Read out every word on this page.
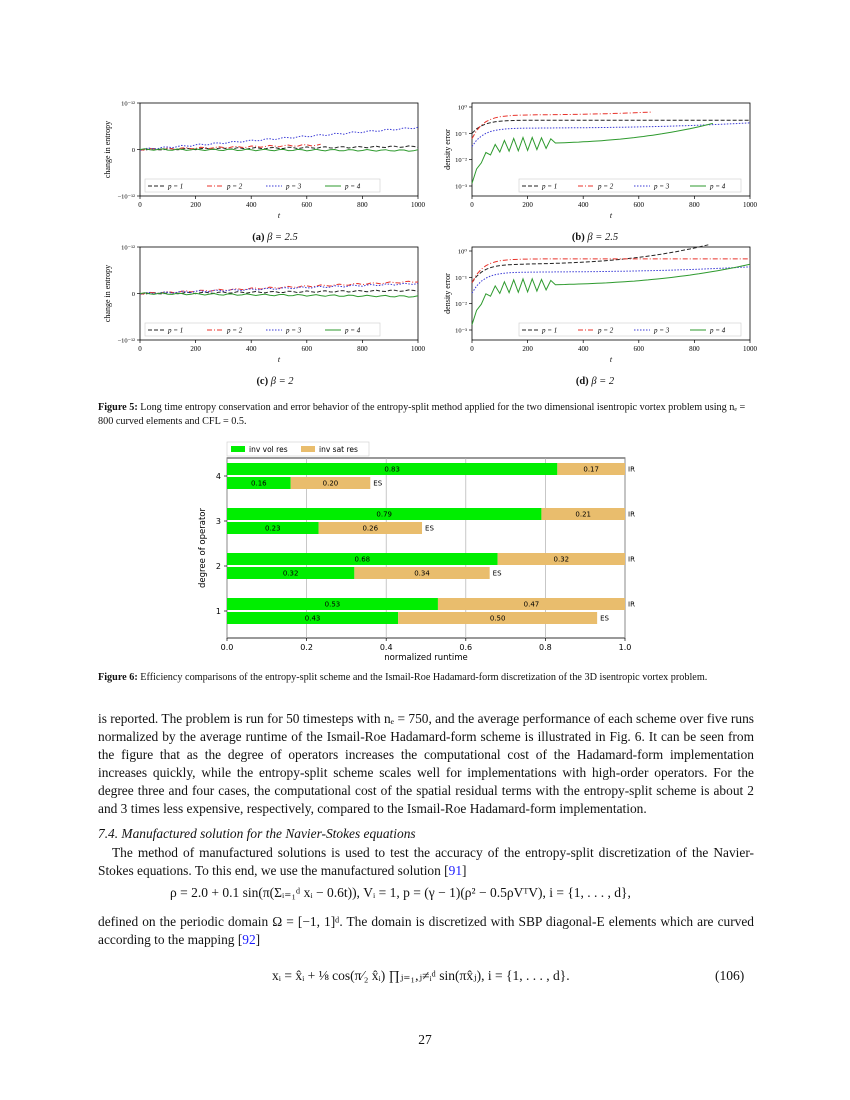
0	200	400	600	800	1000
t
10⁻¹²
0
−10⁻¹²
change in entropy
p = 1	p = 2	p = 3	p = 4
0	200	400	600	800	1000
t
10⁰
10⁻¹
10⁻²
10⁻³
density error
p = 1	p = 2	p = 3	p = 4
0	200	400	600	800	1000
t
10⁻¹²
0
−10⁻¹²
change in entropy
p = 1	p = 2	p = 3	p = 4
0	200	400	600	800	1000
t
10⁰
10⁻¹
10⁻²
10⁻³
density error
p = 1	p = 2	p = 3	p = 4
(a) β = 2.5	(b) β = 2.5
(c) β = 2	(d) β = 2
Figure 5: Long time entropy conservation and error behavior of the entropy-split method applied for the two dimensional isentropic vortex problem using nₑ = 800 curved elements and CFL = 0.5.
0.0	0.2	0.4	0.6	0.8	1.0
normalized runtime
degree of operator
inv vol res	inv sat res
4
0.83	0.17	IR
0.16	0.20	ES
3
0.79	0.21	IR
0.23	0.26	ES
2
0.68	0.32	IR
0.32	0.34	ES
1
0.53	0.47	IR
0.43	0.50	ES
Figure 6: Efficiency comparisons of the entropy-split scheme and the Ismail-Roe Hadamard-form discretization of the 3D isentropic vortex problem.
is reported. The problem is run for 50 timesteps with nₑ = 750, and the average performance of each scheme over five runs normalized by the average runtime of the Ismail-Roe Hadamard-form scheme is illustrated in Fig. 6. It can be seen from the figure that as the degree of operators increases the computational cost of the Hadamard-form implementation increases quickly, while the entropy-split scheme scales well for implementations with high-order operators. For the degree three and four cases, the computational cost of the spatial residual terms with the entropy-split scheme is about 2 and 3 times less expensive, respectively, compared to the Ismail-Roe Hadamard-form implementation.
7.4. Manufactured solution for the Navier-Stokes equations
The method of manufactured solutions is used to test the accuracy of the entropy-split discretization of the Navier-Stokes equations. To this end, we use the manufactured solution [91]
ρ = 2.0 + 0.1 sin(π(Σᵢ₌₁ᵈ xᵢ − 0.6t)), Vᵢ = 1, p = (γ − 1)(ρ² − 0.5ρVᵀV), i = {1, . . . , d},
defined on the periodic domain Ω = [−1, 1]ᵈ. The domain is discretized with SBP diagonal-E elements which are curved according to the mapping [92]
xᵢ = x̂ᵢ + ⅛ cos(π⁄₂ x̂ᵢ) ∏ⱼ₌₁,ⱼ≠ᵢᵈ sin(πx̂ⱼ), i = {1, . . . , d}.	(106)
27
